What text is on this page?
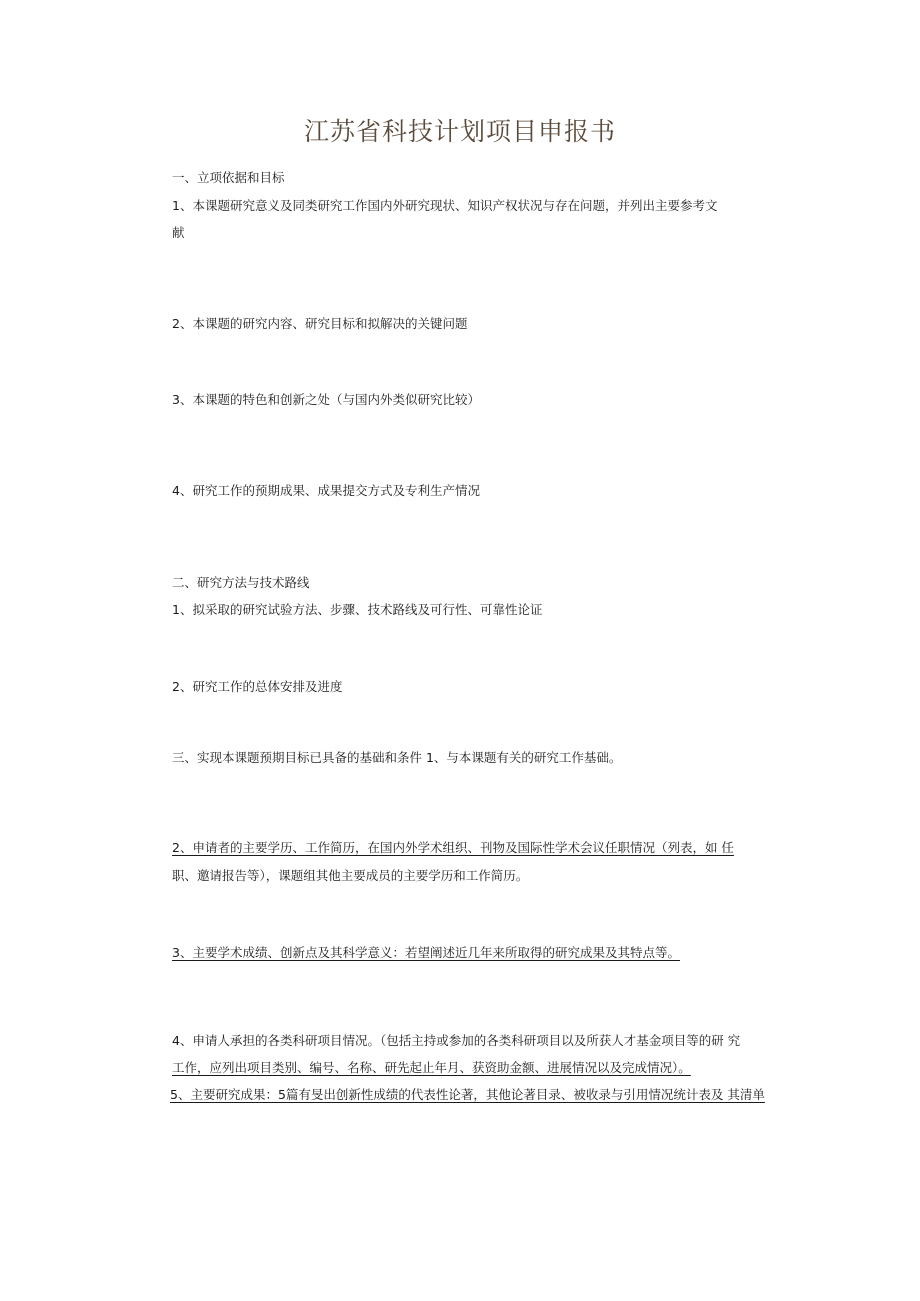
江苏省科技计划项目申报书
一、立项依据和目标
1、本课题研究意义及同类研究工作国内外研究现状、知识产权状况与存在问题，并列出主要参考文
献
2、本课题的研究内容、研究目标和拟解决的关键问题
3、本课题的特色和创新之处（与国内外类似研究比较）
4、研究工作的预期成果、成果提交方式及专利生产情况
二、研究方法与技术路线
1、拟采取的研究试验方法、步骤、技术路线及可行性、可靠性论证
2、研究工作的总体安排及进度
三、实现本课题预期目标已具备的基础和条件 1、与本课题有关的研究工作基础。
2、申请者的主要学历、工作简历，在国内外学术组织、刊物及国际性学术会议任职情况（列表，如 任
职、邀请报告等），课题组其他主要成员的主要学历和工作简历。
3、主要学术成绩、创新点及其科学意义：若望阐述近几年来所取得的研究成果及其特点等。
4、申请人承担的各类科研项目情况。（包括主持或参加的各类科研项目以及所获人才基金项目等的研 究
工作，应列出项目类别、编号、名称、研先起止年月、获资助金额、进展情况以及完成情况）。
5、主要研究成果：5篇有旻出创新性成绩的代表性论著，其他论著目录、被收录与引用情况统计表及 其清单
